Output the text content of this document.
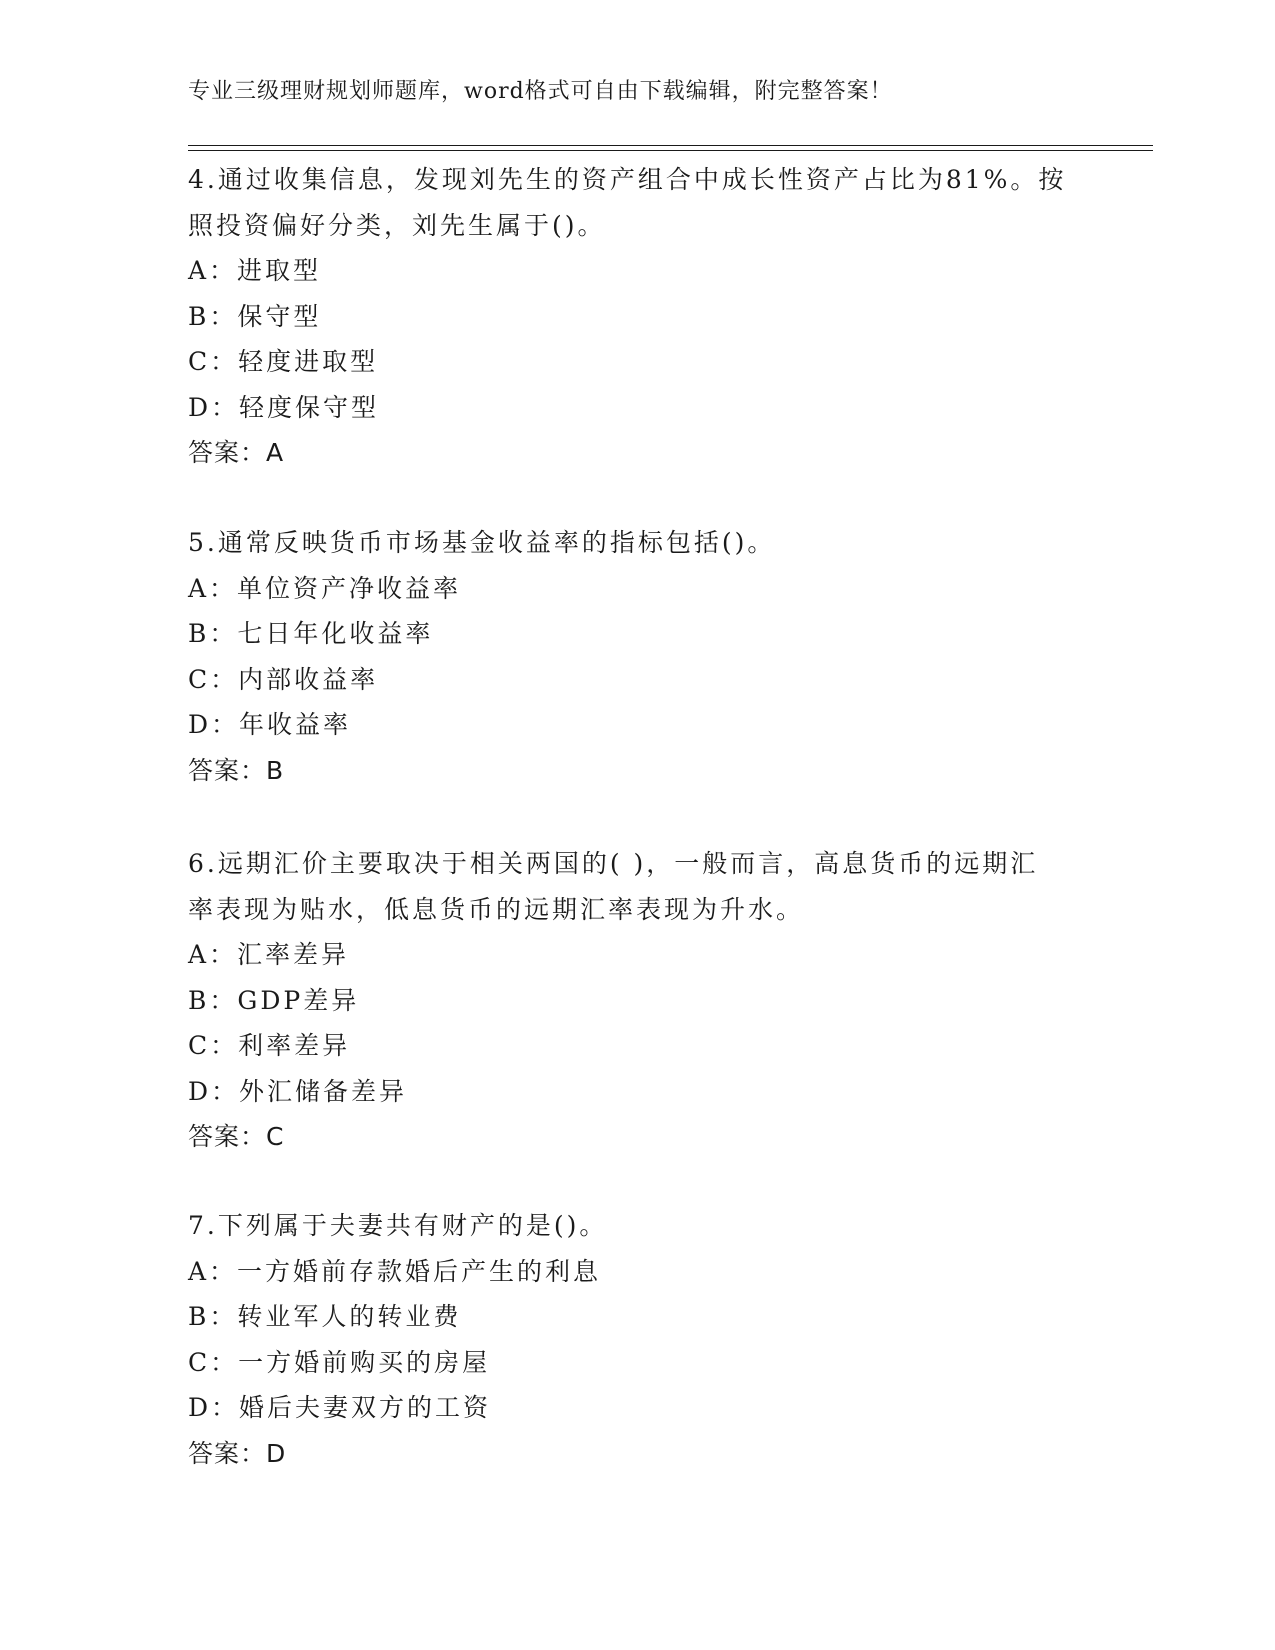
专业三级理财规划师题库，word格式可自由下载编辑，附完整答案！
4.通过收集信息，发现刘先生的资产组合中成长性资产占比为81%。按
照投资偏好分类，刘先生属于()。
A：进取型
B：保守型
C：轻度进取型
D：轻度保守型
答案：A
5.通常反映货币市场基金收益率的指标包括()。
A：单位资产净收益率
B：七日年化收益率
C：内部收益率
D：年收益率
答案：B
6.远期汇价主要取决于相关两国的( )，一般而言，高息货币的远期汇
率表现为贴水，低息货币的远期汇率表现为升水。
A：汇率差异
B：GDP差异
C：利率差异
D：外汇储备差异
答案：C
7.下列属于夫妻共有财产的是()。
A：一方婚前存款婚后产生的利息
B：转业军人的转业费
C：一方婚前购买的房屋
D：婚后夫妻双方的工资
答案：D
